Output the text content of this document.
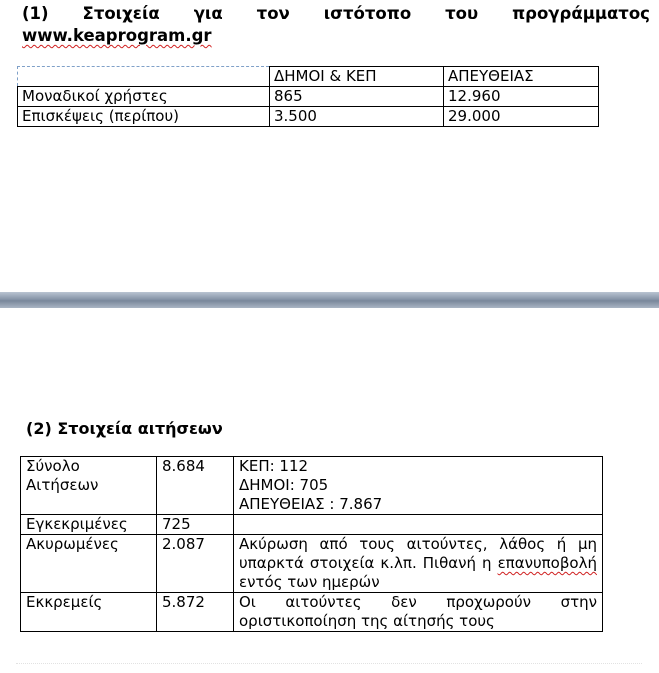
(1) Στοιχεία για τον ιστότοπο του προγράμματος
www.keaprogram.gr
	ΔΗΜΟΙ & ΚΕΠ	ΑΠΕΥΘΕΙΑΣ
Μοναδικοί χρήστες	865	12.960
Επισκέψεις (περίπου)	3.500	29.000
(2) Στοιχεία αιτήσεων
Σύνολο
Αιτήσεων	8.684	ΚΕΠ: 112
ΔΗΜΟΙ: 705
ΑΠΕΥΘΕΙΑΣ : 7.867

Εγκεκριμένες	725	
Ακυρωμένες	2.087	Ακύρωση από τους αιτούντες, λάθος ή μη υπαρκτά στοιχεία κ.λπ. Πιθανή η επανυποβολή εντός των ημερών
Εκκρεμείς	5.872	Οι αιτούντες δεν προχωρούν στην οριστικοποίηση της αίτησής τους
